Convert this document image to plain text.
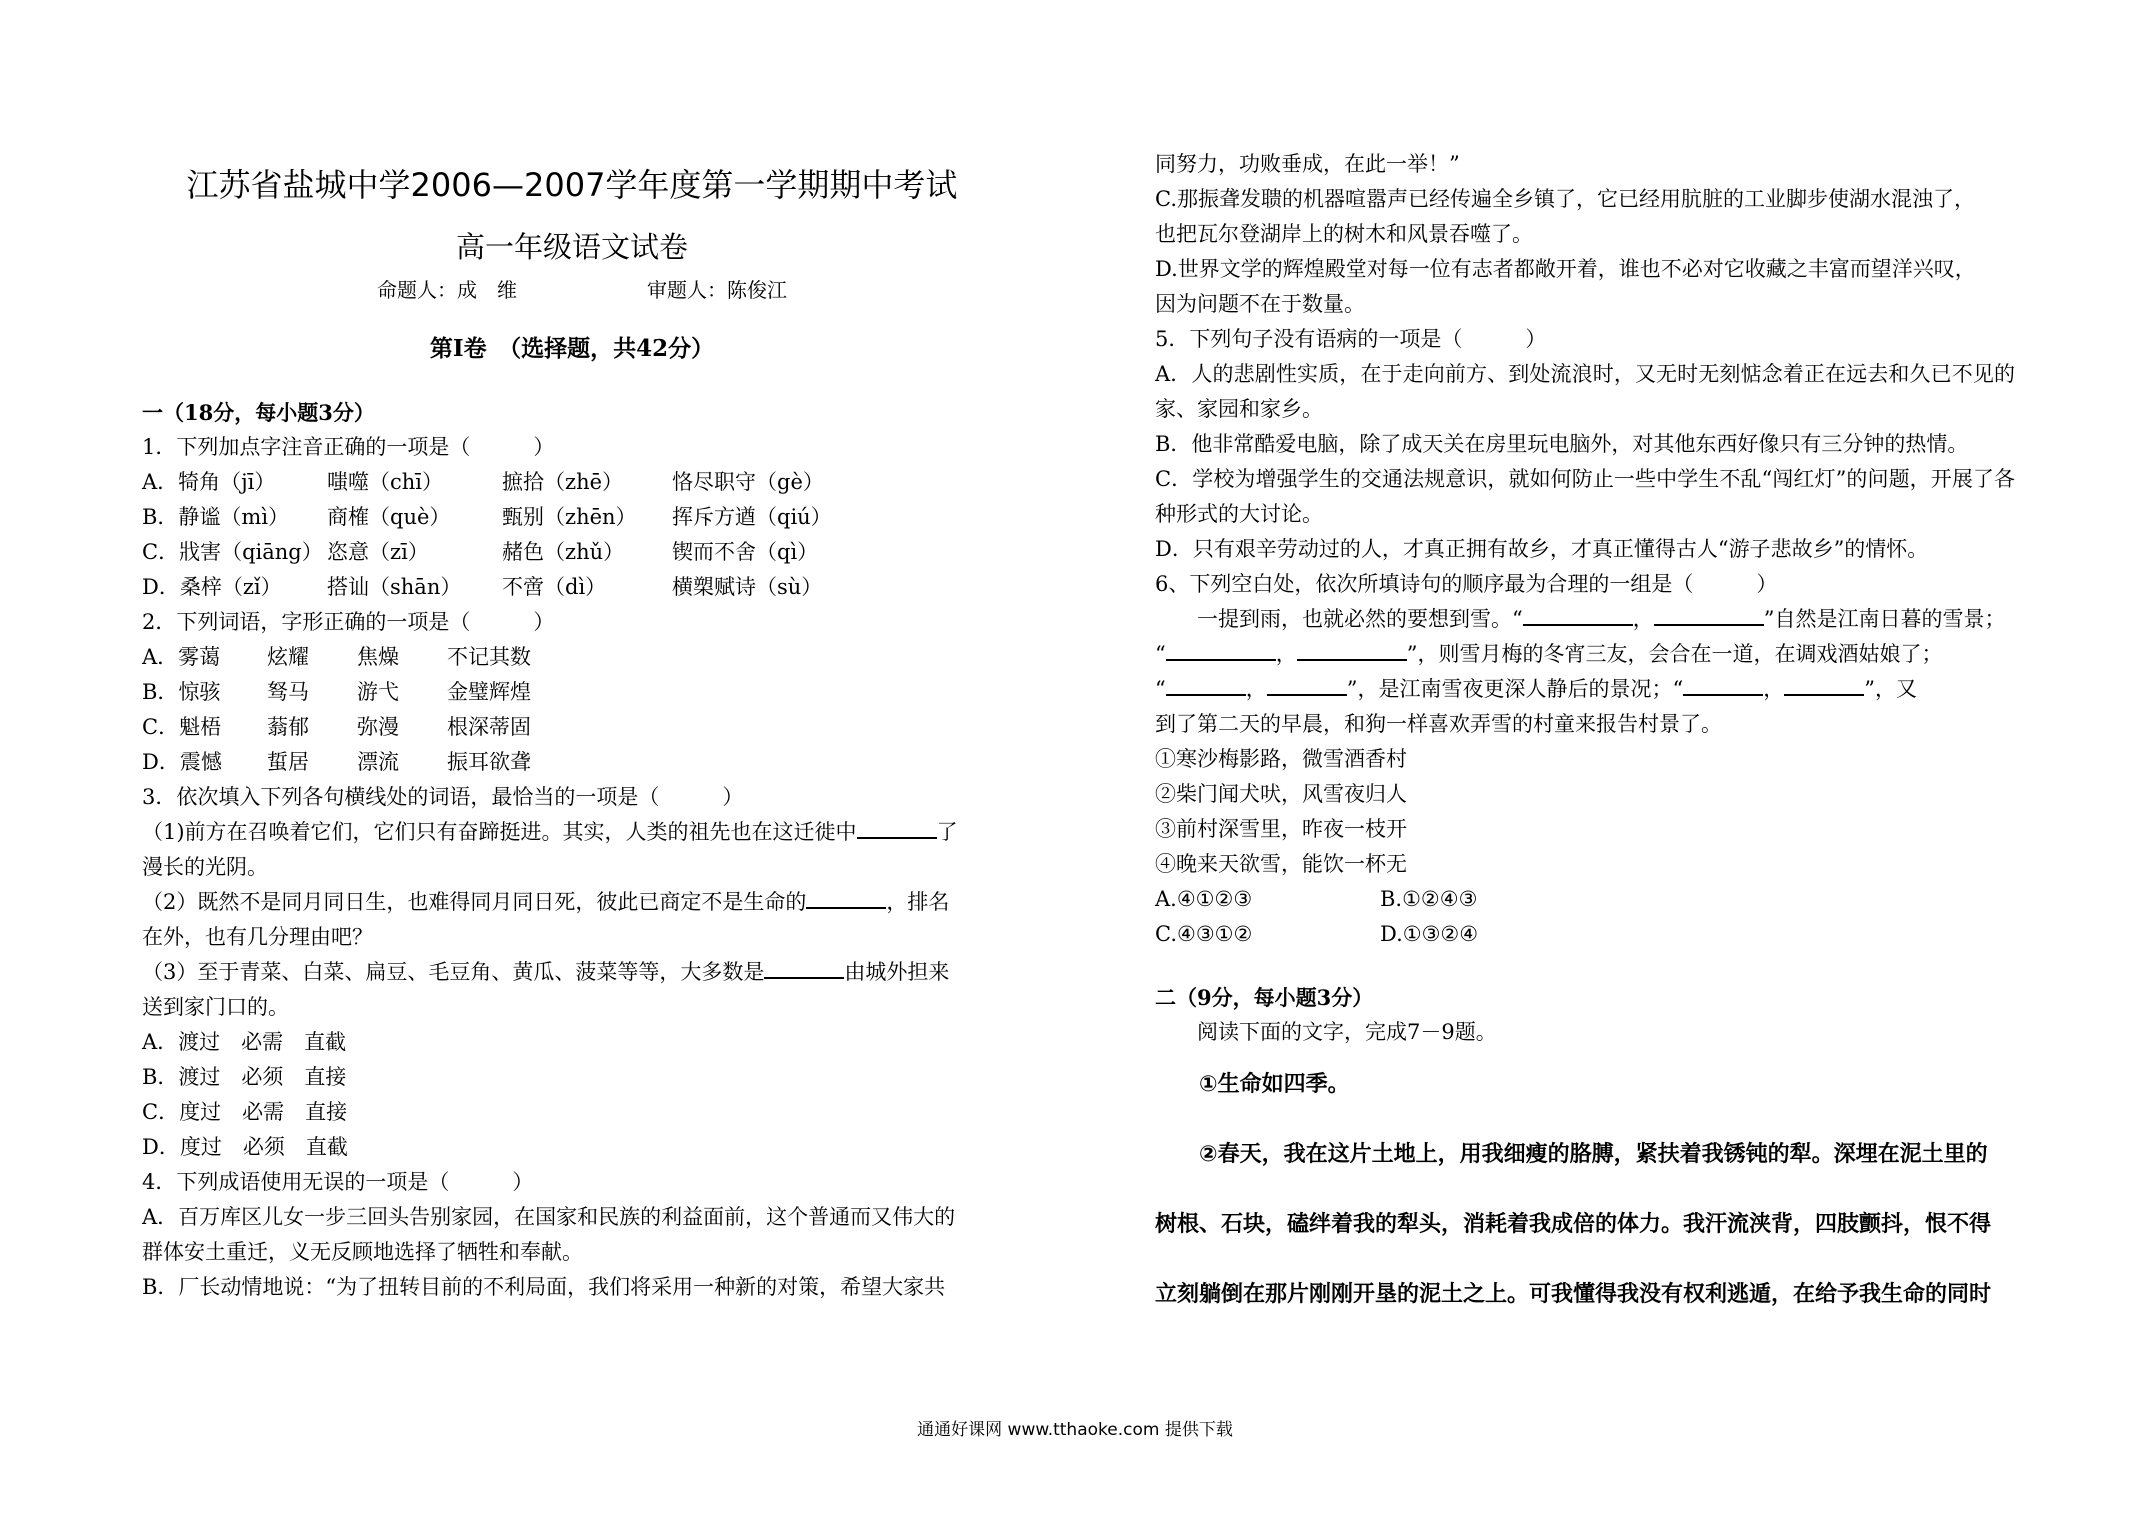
江苏省盐城中学2006—2007学年度第一学期期中考试
高一年级语文试卷
命题人：成　维	审题人：陈俊江
第Ⅰ卷　（选择题，共42分）
一（18分，每小题3分）
1．下列加点字注音正确的一项是（　　　）
A．犄角（jī）	嗤噬（chī）	摭拾（zhē）	恪尽职守（gè）
B．静谧（mì）	商榷（què）	甄别（zhēn）	挥斥方遒（qiú）
C．戕害（qiāng） 恣意（zī）	赭色（zhǔ）	锲而不舍（qì）
D．桑梓（zǐ）	搭讪（shān）	不啻（dì）	横槊赋诗（sù）
2．下列词语，字形正确的一项是（　　　）
A．雾蔼	炫耀	焦燥	不记其数
B．惊骇	驽马	游弋	金璧辉煌
C．魁梧	蓊郁	弥漫	根深蒂固
D．震憾	蜇居	漂流	振耳欲聋
3．依次填入下列各句横线处的词语，最恰当的一项是（　　　）
（1)前方在召唤着它们，它们只有奋蹄挺进。其实，人类的祖先也在这迁徙中	了
漫长的光阴。
（2）既然不是同月同日生，也难得同月同日死，彼此已商定不是生命的	，排名
在外，也有几分理由吧？
（3）至于青菜、白菜、扁豆、毛豆角、黄瓜、菠菜等等，大多数是	由城外担来
送到家门口的。
A．渡过　必需　直截
B．渡过　必须　直接
C．度过　必需　直接
D．度过　必须　直截
4．下列成语使用无误的一项是（　　　）
A．百万库区儿女一步三回头告别家园，在国家和民族的利益面前，这个普通而又伟大的
群体安土重迁，义无反顾地选择了牺牲和奉献。
B．厂长动情地说：“为了扭转目前的不利局面，我们将采用一种新的对策，希望大家共
同努力，功败垂成，在此一举！”
C.那振聋发聩的机器喧嚣声已经传遍全乡镇了，它已经用肮脏的工业脚步使湖水混浊了，
也把瓦尔登湖岸上的树木和风景吞噬了。
D.世界文学的辉煌殿堂对每一位有志者都敞开着，谁也不必对它收藏之丰富而望洋兴叹，
因为问题不在于数量。
5．下列句子没有语病的一项是（　　　）
A．人的悲剧性实质，在于走向前方、到处流浪时，又无时无刻惦念着正在远去和久已不见的家、家园和家乡。
B．他非常酷爱电脑，除了成天关在房里玩电脑外，对其他东西好像只有三分钟的热情。
C．学校为增强学生的交通法规意识，就如何防止一些中学生不乱“闯红灯”的问题，开展了各种形式的大讨论。
D．只有艰辛劳动过的人，才真正拥有故乡，才真正懂得古人“游子悲故乡”的情怀。
6、下列空白处，依次所填诗句的顺序最为合理的一组是（　　　）
一提到雨，也就必然的要想到雪。“	，	”自然是江南日暮的雪景；
“	，	”，则雪月梅的冬宵三友，会合在一道，在调戏酒姑娘了；
“	，	”，是江南雪夜更深人静后的景况；“	，	”，又
到了第二天的早晨，和狗一样喜欢弄雪的村童来报告村景了。
①寒沙梅影路，微雪酒香村
②柴门闻犬吠，风雪夜归人
③前村深雪里，昨夜一枝开
④晚来天欲雪，能饮一杯无
A.④①②③	B.①②④③
C.④③①②	D.①③②④
二（9分，每小题3分）
阅读下面的文字，完成7－9题。

①生命如四季。

②春天，我在这片土地上，用我细瘦的胳膊，紧扶着我锈钝的犁。深埋在泥土里的

树根、石块，磕绊着我的犁头，消耗着我成倍的体力。我汗流浃背，四肢颤抖，恨不得

立刻躺倒在那片刚刚开垦的泥土之上。可我懂得我没有权利逃遁，在给予我生命的同时

通通好课网 www.tthaoke.com 提供下载
